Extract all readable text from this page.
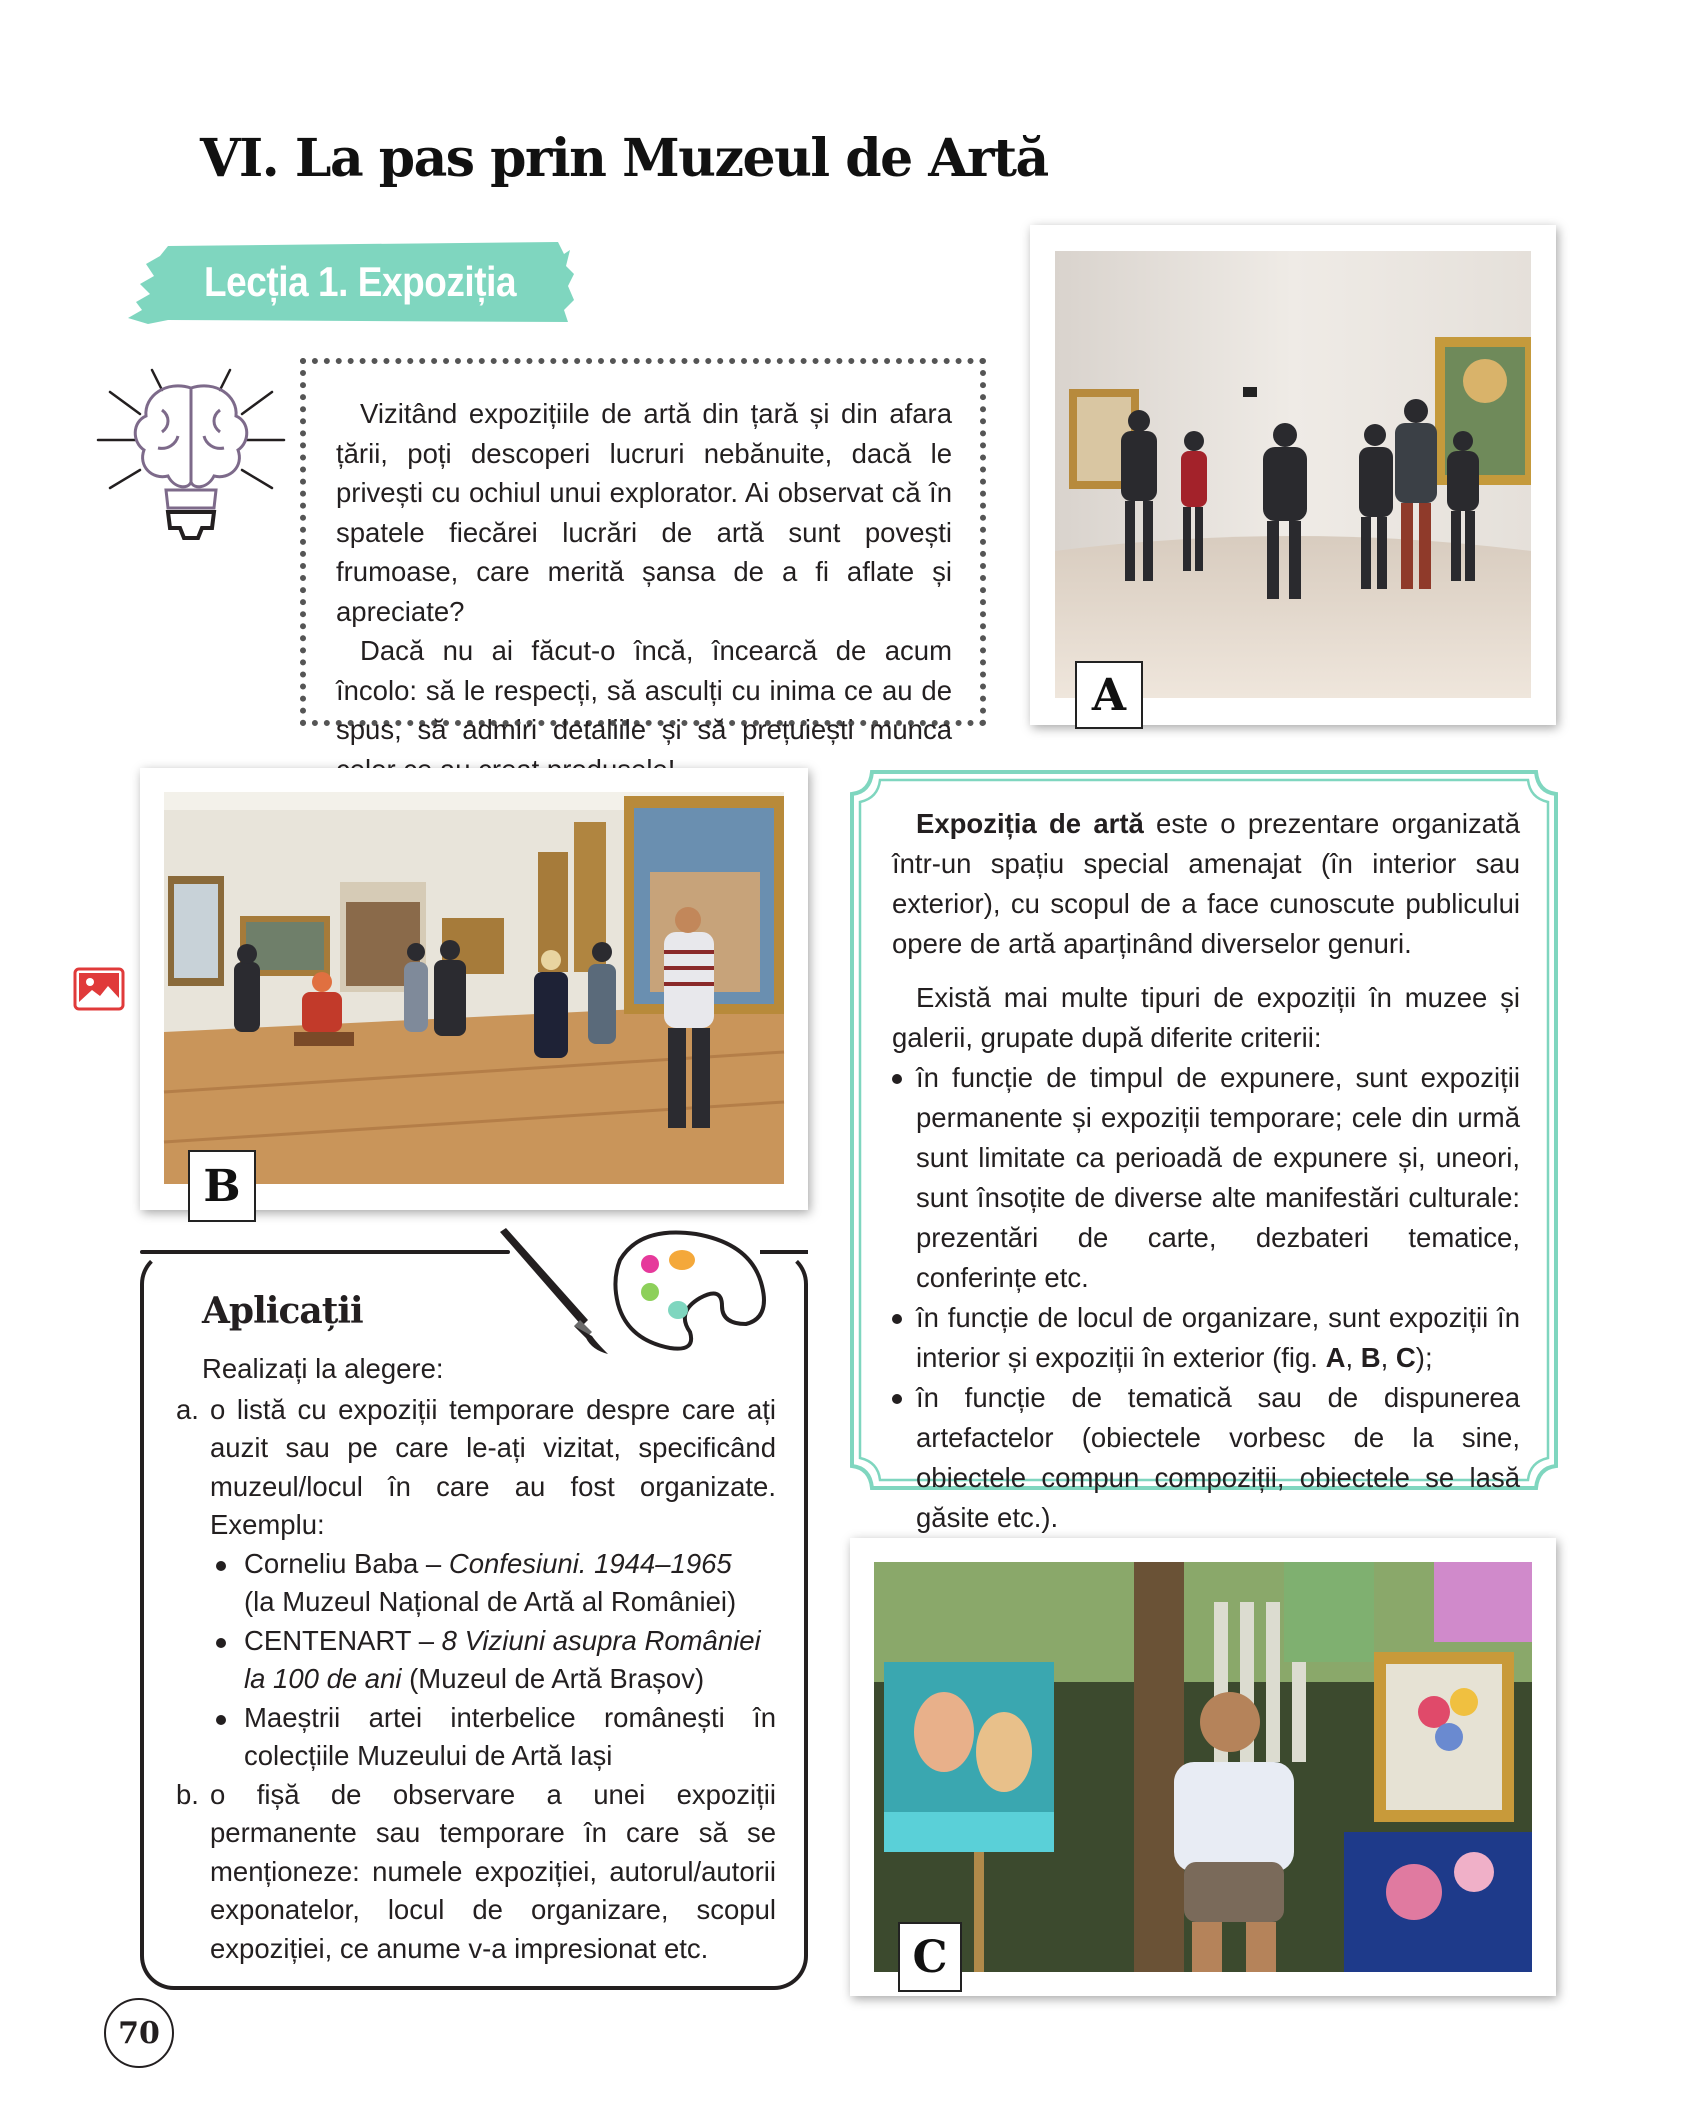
VI. La pas prin Muzeul de Artă
Lecția 1. Expoziția

Vizitând expozițiile de artă din țară și din afara țării, poți descoperi lucruri nebănuite, dacă le privești cu ochiul unui explorator. Ai observat că în spatele fiecărei lucrări de artă sunt povești frumoase, care merită șansa de a fi aflate și apreciate?

Dacă nu ai făcut-o încă, încearcă de acum încolo: să le respecți, să asculți cu inima ce au de spus, să admiri detaliile și să prețuiești munca

A
B

Expoziția de artă este o prezentare organizată într-un spațiu special amenajat (în interior sau exterior), cu scopul de a face cunoscute publicului opere de artă aparținând diverselor genuri.

Există mai multe tipuri de expoziții în muzee și galerii, grupate după diferite criterii:

în funcție de timpul de expunere, sunt expoziții permanente și expoziții temporare; cele din urmă sunt limitate ca perioadă de expunere și, uneori, sunt însoțite de diverse alte manifestări culturale: prezentări de carte, dezbateri tematice, conferințe etc.
în funcție de locul de organizare, sunt expoziții în interior și expoziții în exterior (fig. A, B, C);
în funcție de tematică sau de dispunerea artefactelor (obiectele vorbesc de la sine, obiectele compun compoziții, obiectele se lasă găsite etc.).
Aplicații

Realizați la alegere:

a. o listă cu expoziții temporare despre care ați auzit sau pe care le-ați vizitat, specificând muzeul/locul în care au fost organizate. Exemplu:
Corneliu Baba – Confesiuni. 1944–1965
(la Muzeul Național de Artă al României)
CENTENART – 8 Viziuni asupra României
la 100 de ani (Muzeul de Artă Brașov)
Maeștrii artei interbelice românești în colecțiile Muzeului de Artă Iași
b. o fișă de observare a unei expoziții permanente sau temporare în care să se menționeze: numele expoziției, autorul/autorii exponatelor, locul de organizare, scopul expoziției, ce anume v-a impresionat etc.	C
70
